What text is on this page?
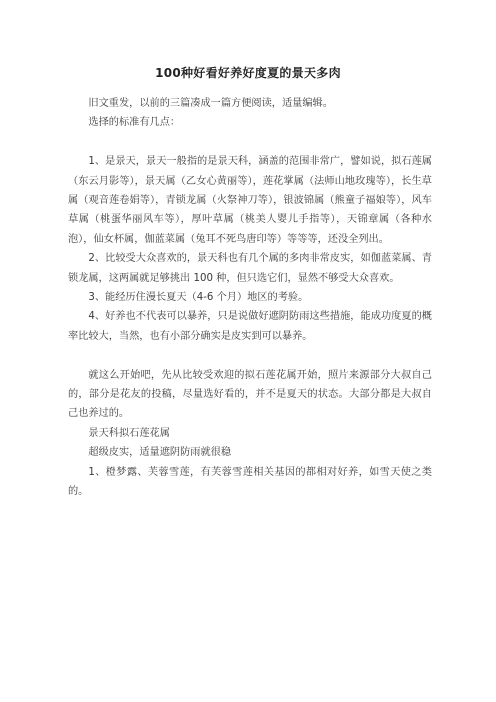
100种好看好养好度夏的景天多肉

旧文重发，以前的三篇凑成一篇方便阅读，适量编辑。

选择的标准有几点：

1、是景天，景天一般指的是景天科，涵盖的范围非常广，譬如说，拟石莲属（东云月影等），景天属（乙女心黄丽等），莲花掌属（法师山地玫瑰等），长生草属（观音莲卷娟等），青锁龙属（火祭神刀等），银波锦属（熊童子福娘等），风车草属（桃蛋华丽风车等），厚叶草属（桃美人婴儿手指等），天锦章属（各种水泡），仙女杯属，伽蓝菜属（兔耳不死鸟唐印等）等等等，还没全列出。

2、比较受大众喜欢的，景天科也有几个属的多肉非常皮实，如伽蓝菜属、青锁龙属，这两属就足够挑出 100 种，但只选它们，显然不够受大众喜欢。

3、能经历住漫长夏天（4-6 个月）地区的考验。

4、好养也不代表可以暴养，只是说做好遮阴防雨这些措施，能成功度夏的概率比较大，当然，也有小部分确实是皮实到可以暴养。

就这么开始吧，先从比较受欢迎的拟石莲花属开始，照片来源部分大叔自己的，部分是花友的投稿，尽量选好看的，并不是夏天的状态。大部分都是大叔自己也养过的。

景天科拟石莲花属

超级皮实，适量遮阴防雨就很稳

1、橙梦露、芙蓉雪莲，有芙蓉雪莲相关基因的都相对好养，如雪天使之类的。
